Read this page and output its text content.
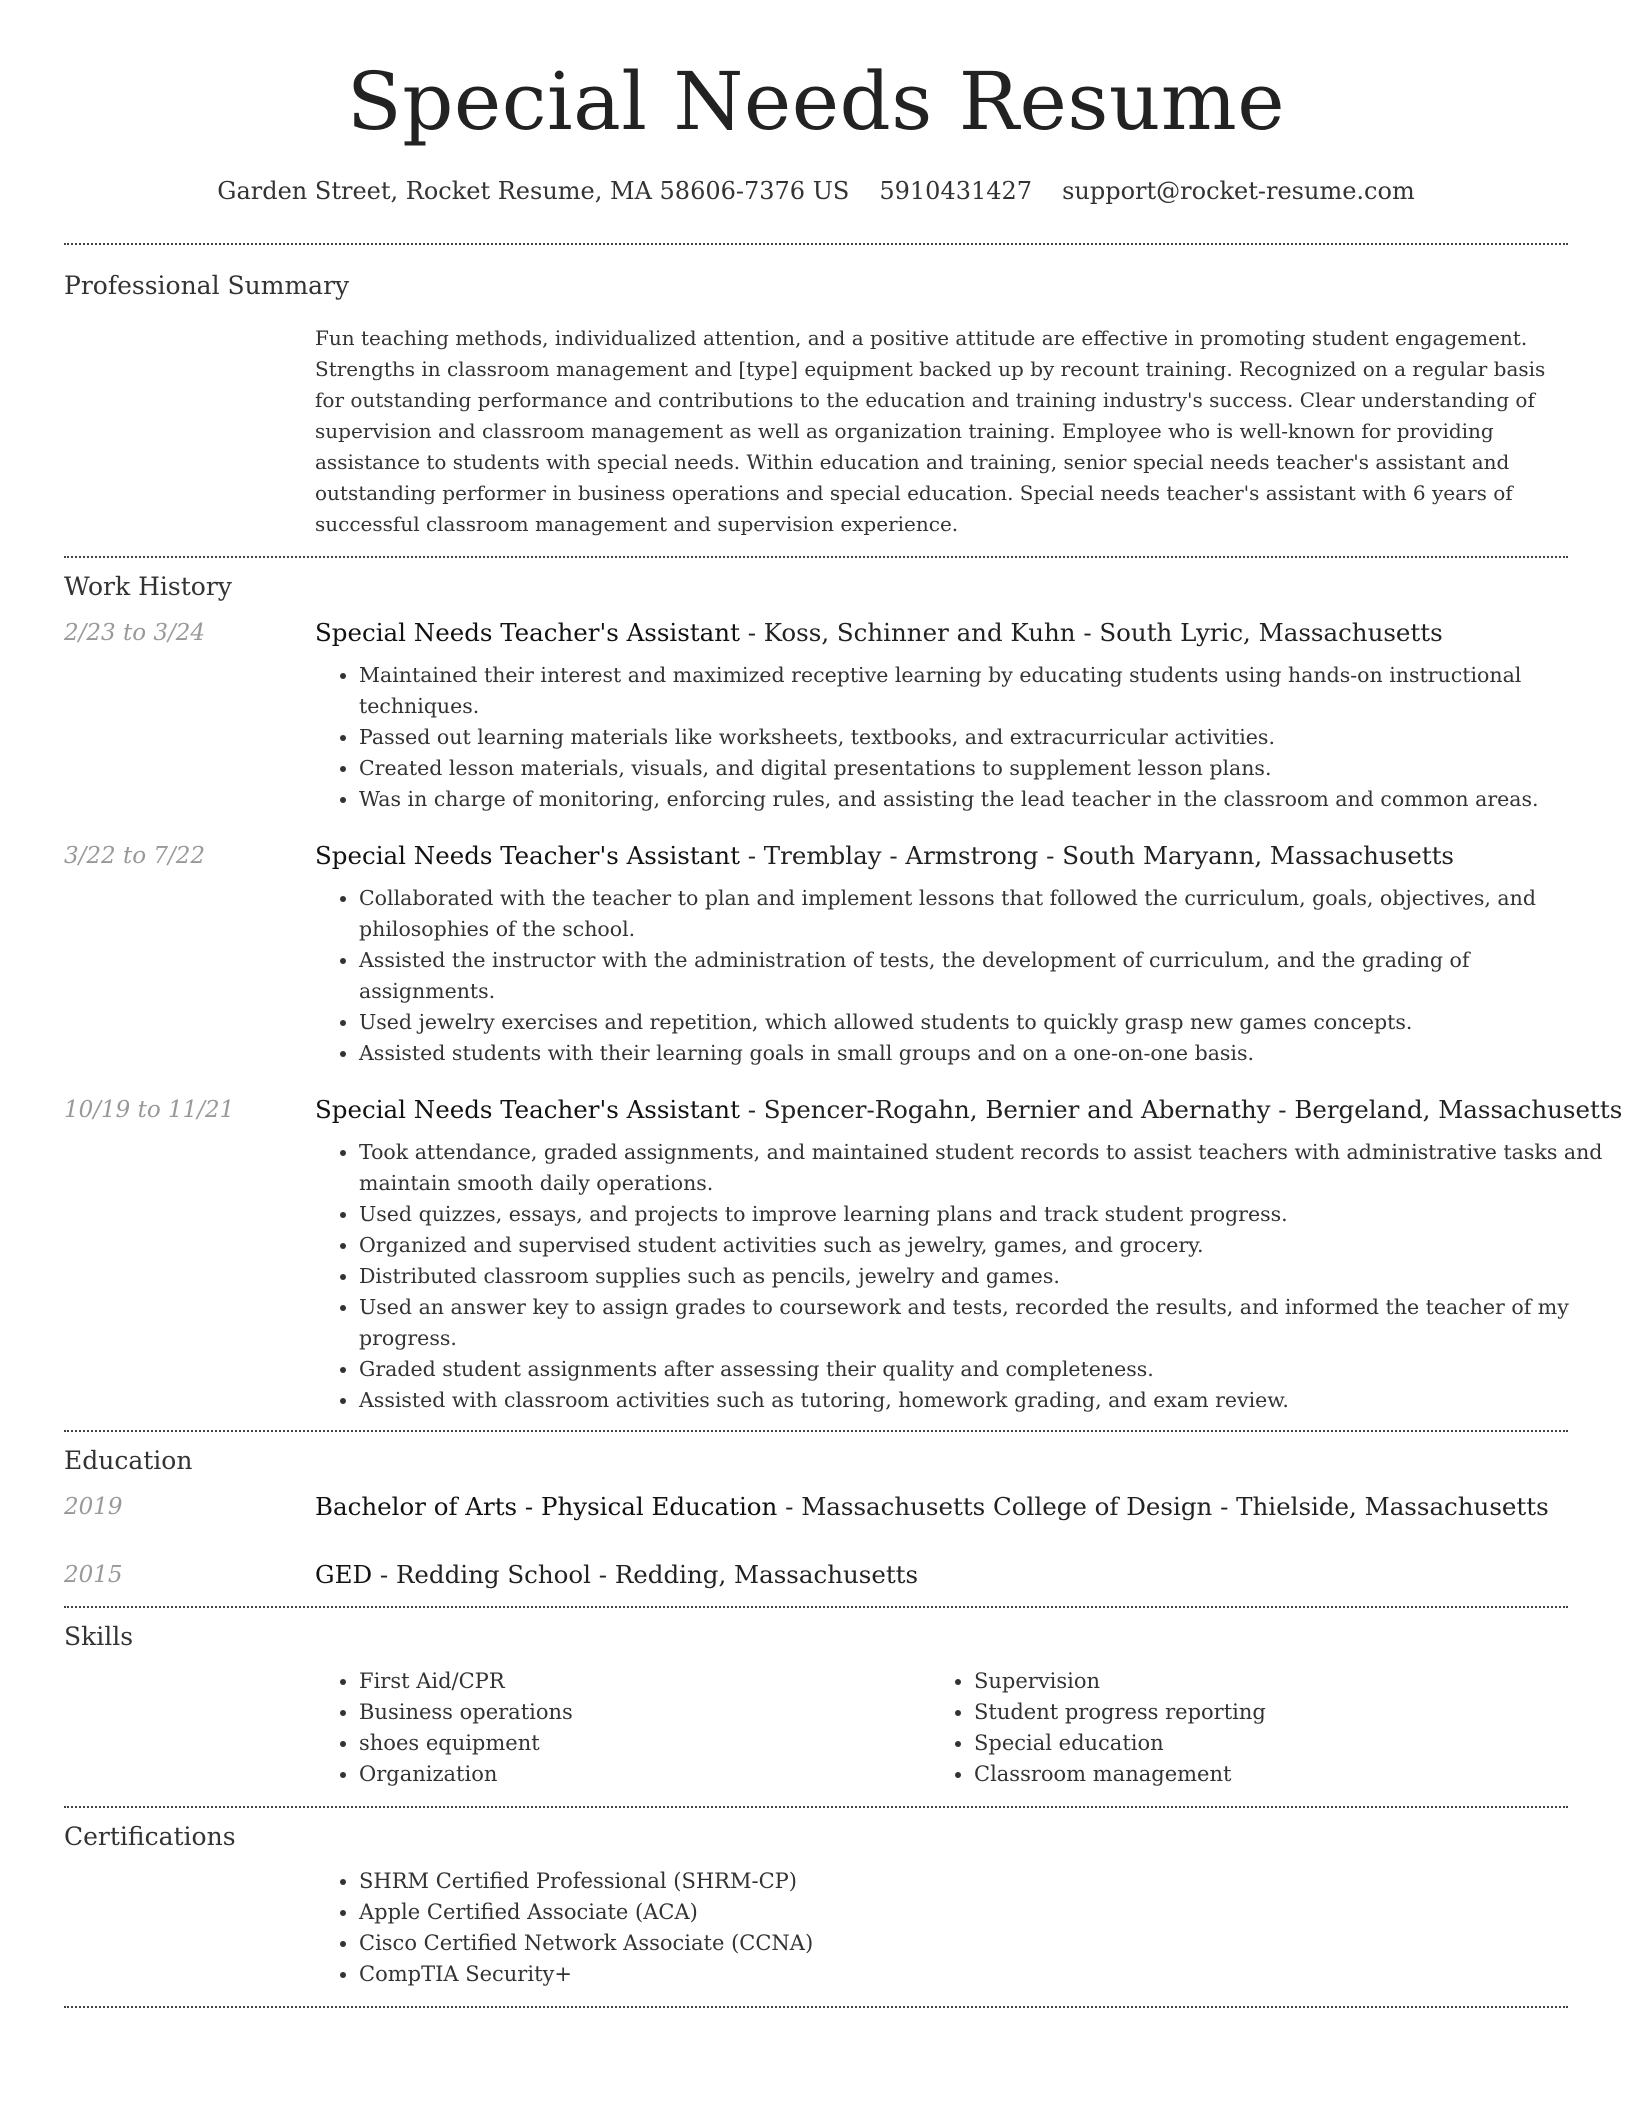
Special Needs Resume
Garden Street, Rocket Resume, MA 58606-7376 US 5910431427 support@rocket-resume.com
Professional Summary

Fun teaching methods, individualized attention, and a positive attitude are effective in promoting student engagement. Strengths in classroom management and [type] equipment backed up by recount training. Recognized on a regular basis for outstanding performance and contributions to the education and training industry's success. Clear understanding of supervision and classroom management as well as organization training. Employee who is well-known for providing assistance to students with special needs. Within education and training, senior special needs teacher's assistant and outstanding performer in business operations and special education. Special needs teacher's assistant with 6 years of successful classroom management and supervision experience.

Work History
2/23 to 3/24	Special Needs Teacher's Assistant - Koss, Schinner and Kuhn - South Lyric, Massachusetts
• Maintained their interest and maximized receptive learning by educating students using hands-on instructional techniques.
• Passed out learning materials like worksheets, textbooks, and extracurricular activities.
• Created lesson materials, visuals, and digital presentations to supplement lesson plans.
• Was in charge of monitoring, enforcing rules, and assisting the lead teacher in the classroom and common areas.
3/22 to 7/22	Special Needs Teacher's Assistant - Tremblay - Armstrong - South Maryann, Massachusetts
• Collaborated with the teacher to plan and implement lessons that followed the curriculum, goals, objectives, and philosophies of the school.
• Assisted the instructor with the administration of tests, the development of curriculum, and the grading of assignments.
• Used jewelry exercises and repetition, which allowed students to quickly grasp new games concepts.
• Assisted students with their learning goals in small groups and on a one-on-one basis.
10/19 to 11/21	Special Needs Teacher's Assistant - Spencer-Rogahn, Bernier and Abernathy - Bergeland, Massachusetts
• Took attendance, graded assignments, and maintained student records to assist teachers with administrative tasks and maintain smooth daily operations.
• Used quizzes, essays, and projects to improve learning plans and track student progress.
• Organized and supervised student activities such as jewelry, games, and grocery.
• Distributed classroom supplies such as pencils, jewelry and games.
• Used an answer key to assign grades to coursework and tests, recorded the results, and informed the teacher of my progress.
• Graded student assignments after assessing their quality and completeness.
• Assisted with classroom activities such as tutoring, homework grading, and exam review.
Education
2019	Bachelor of Arts - Physical Education - Massachusetts College of Design - Thielside, Massachusetts
2015	GED - Redding School - Redding, Massachusetts
Skills
• First Aid/CPR
• Business operations
• shoes equipment
• Organization
• Supervision
• Student progress reporting
• Special education
• Classroom management
Certifications
• SHRM Certified Professional (SHRM-CP)
• Apple Certified Associate (ACA)
• Cisco Certified Network Associate (CCNA)
• CompTIA Security+
